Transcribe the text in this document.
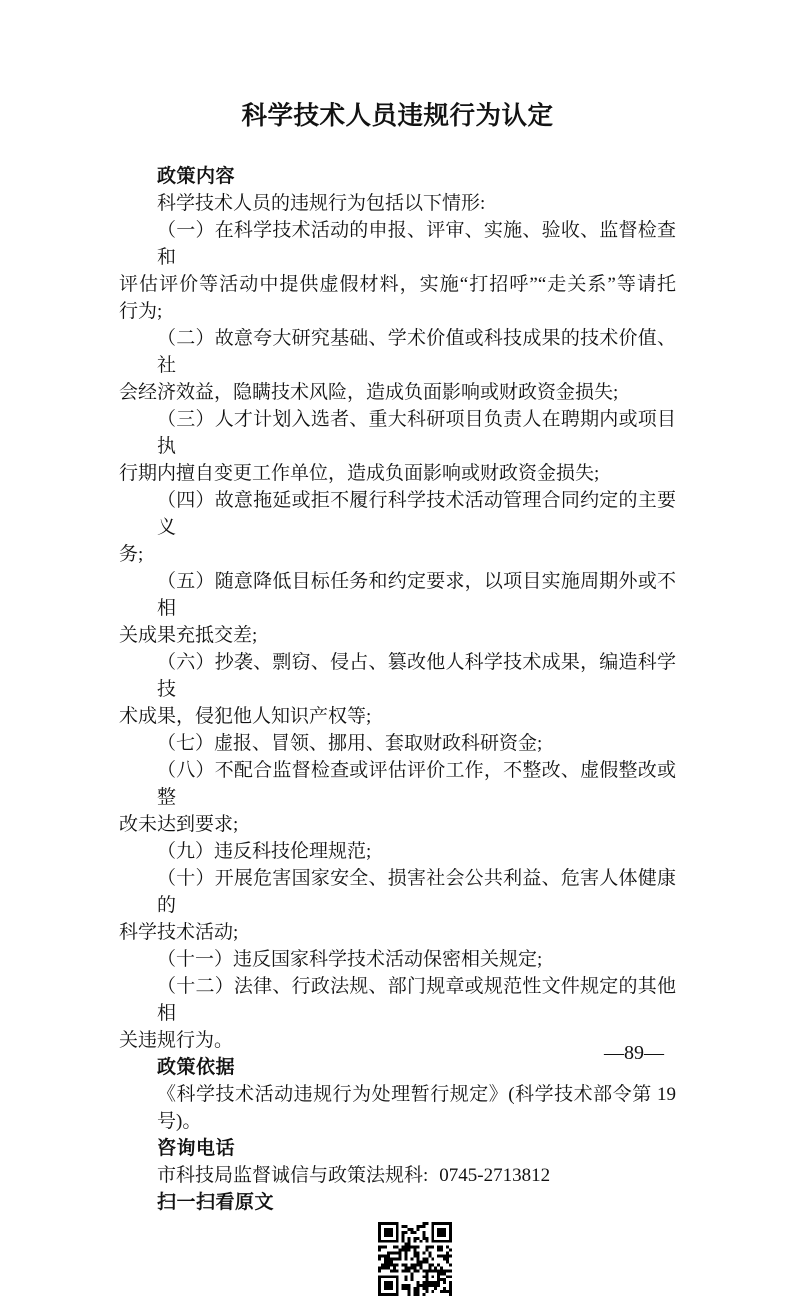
科学技术人员违规行为认定
政策内容
科学技术人员的违规行为包括以下情形:
（一）在科学技术活动的申报、评审、实施、验收、监督检查和
评估评价等活动中提供虚假材料，实施“打招呼”“走关系”等请托
行为;
（二）故意夸大研究基础、学术价值或科技成果的技术价值、社
会经济效益，隐瞒技术风险，造成负面影响或财政资金损失;
（三）人才计划入选者、重大科研项目负责人在聘期内或项目执
行期内擅自变更工作单位，造成负面影响或财政资金损失;
（四）故意拖延或拒不履行科学技术活动管理合同约定的主要义
务;
（五）随意降低目标任务和约定要求，以项目实施周期外或不相
关成果充抵交差;
（六）抄袭、剽窃、侵占、篡改他人科学技术成果，编造科学技
术成果，侵犯他人知识产权等;
（七）虚报、冒领、挪用、套取财政科研资金;
（八）不配合监督检查或评估评价工作，不整改、虚假整改或整
改未达到要求;
（九）违反科技伦理规范;
（十）开展危害国家安全、损害社会公共利益、危害人体健康的
科学技术活动;
（十一）违反国家科学技术活动保密相关规定;
（十二）法律、行政法规、部门规章或规范性文件规定的其他相
关违规行为。
政策依据
《科学技术活动违规行为处理暂行规定》(科学技术部令第 19 号)。
咨询电话
市科技局监督诚信与政策法规科: 0745-2713812
扫一扫看原文
—89—
